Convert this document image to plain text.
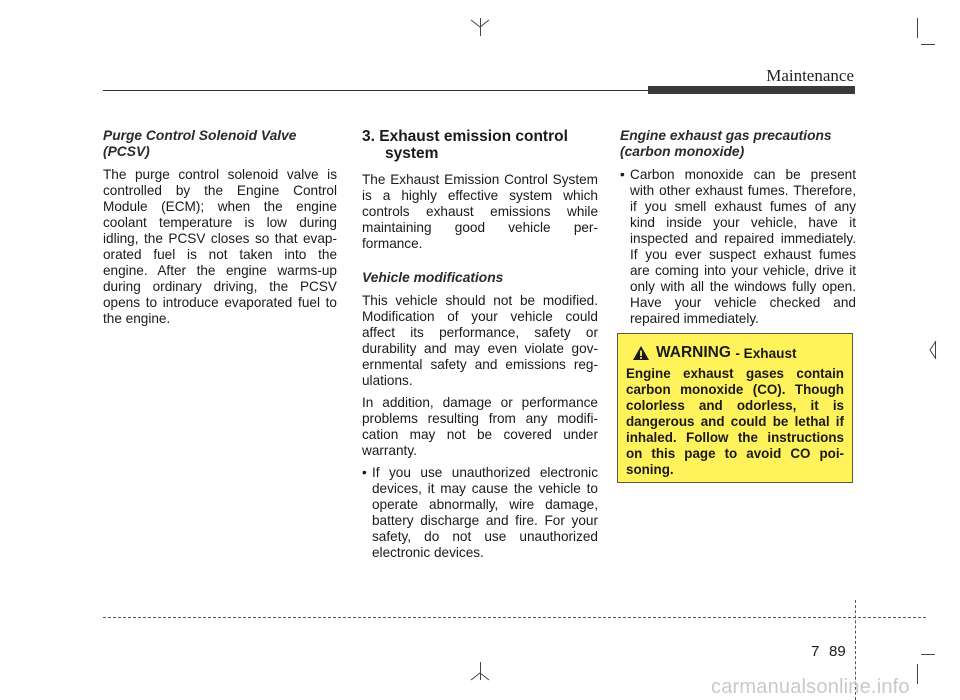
Maintenance
Purge Control Solenoid Valve
(PCSV)

The purge control solenoid valve is controlled by the Engine Control Module (ECM); when the engine coolant temperature is low during idling, the PCSV closes so that evap- orated fuel is not taken into the engine. After the engine warms-up during ordinary driving, the PCSV opens to introduce evaporated fuel to the engine.

3. Exhaust emission control
system

The Exhaust Emission Control System is a highly effective system which controls exhaust emissions while maintaining good vehicle per- formance.

Vehicle modifications

This vehicle should not be modified. Modification of your vehicle could affect its performance, safety or durability and may even violate gov- ernmental safety and emissions reg- ulations.

In addition, damage or performance problems resulting from any modifi- cation may not be covered under warranty.

• If you use unauthorized electronic devices, it may cause the vehicle to operate abnormally, wire damage, battery discharge and fire. For your safety, do not use unauthorized electronic devices.
Engine exhaust gas precautions
(carbon monoxide)
• Carbon monoxide can be present with other exhaust fumes. Therefore, if you smell exhaust fumes of any kind inside your vehicle, have it inspected and repaired immediately. If you ever suspect exhaust fumes are coming into your vehicle, drive it only with all the windows fully open. Have your vehicle checked and repaired immediately.
WARNING
- Exhaust

Engine exhaust gases contain carbon monoxide (CO). Though colorless and odorless, it is dangerous and could be lethal if inhaled. Follow the instructions on this page to avoid CO poi- soning.

7 89
carmanualsonline.info
